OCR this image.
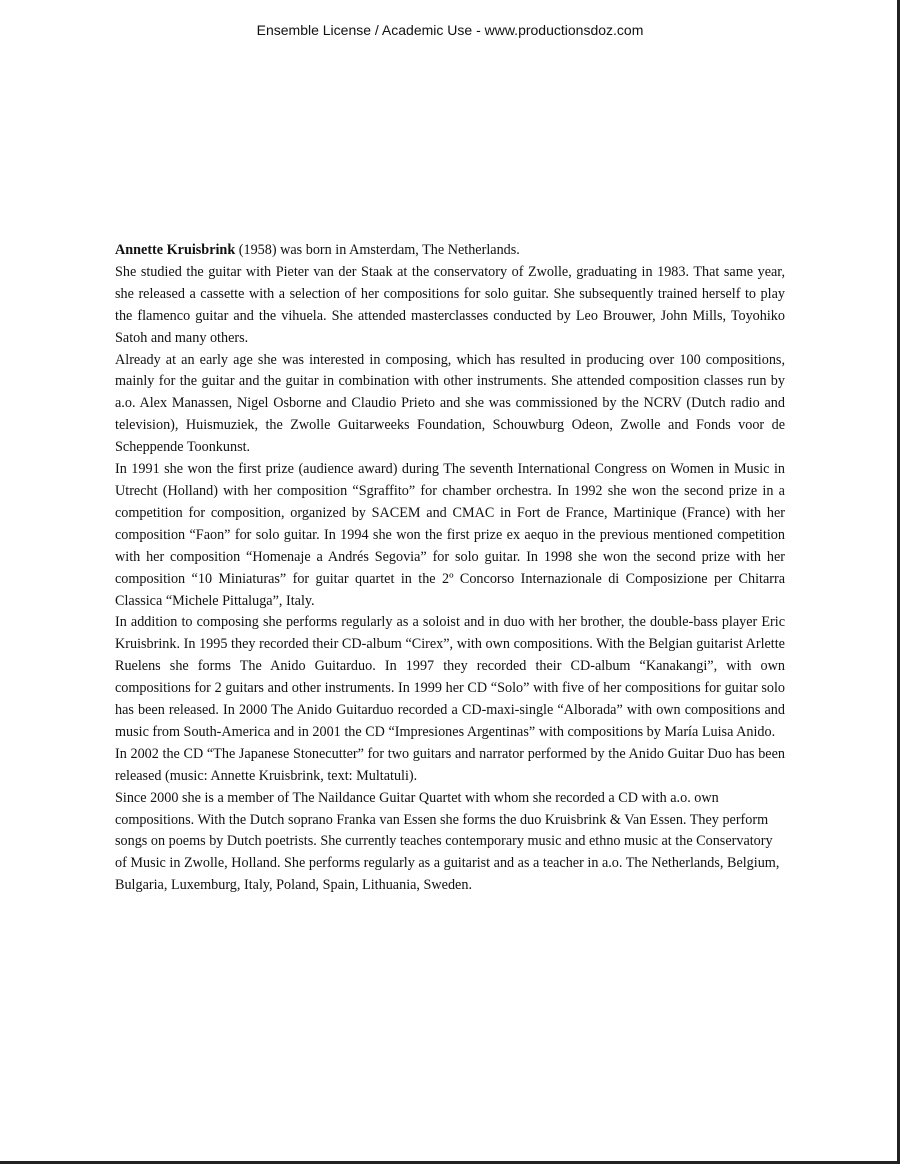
Ensemble License / Academic Use - www.productionsdoz.com

Annette Kruisbrink (1958) was born in Amsterdam, The Netherlands.

She studied the guitar with Pieter van der Staak at the conservatory of Zwolle, graduating in 1983. That same year, she released a cassette with a selection of her compositions for solo guitar. She subsequently trained herself to play the flamenco guitar and the vihuela. She attended masterclasses conducted by Leo Brouwer, John Mills, Toyohiko Satoh and many others.

Already at an early age she was interested in composing, which has resulted in producing over 100 compositions, mainly for the guitar and the guitar in combination with other instruments. She attended composition classes run by a.o. Alex Manassen, Nigel Osborne and Claudio Prieto and she was commissioned by the NCRV (Dutch radio and television), Huismuziek, the Zwolle Guitarweeks Foundation, Schouwburg Odeon, Zwolle and Fonds voor de Scheppende Toonkunst.

In 1991 she won the first prize (audience award) during The seventh International Congress on Women in Music in Utrecht (Holland) with her composition “Sgraffito” for chamber orchestra. In 1992 she won the second prize in a competition for composition, organized by SACEM and CMAC in Fort de France, Martinique (France) with her composition “Faon” for solo guitar. In 1994 she won the first prize ex aequo in the previous mentioned competition with her composition “Homenaje a Andrés Segovia” for solo guitar. In 1998 she won the second prize with her composition “10 Miniaturas” for guitar quartet in the 2º Concorso Internazionale di Composizione per Chitarra Classica “Michele Pittaluga”, Italy.

In addition to composing she performs regularly as a soloist and in duo with her brother, the double-bass player Eric Kruisbrink. In 1995 they recorded their CD-album “Cirex”, with own compositions. With the Belgian guitarist Arlette Ruelens she forms The Anido Guitarduo. In 1997 they recorded their CD-album “Kanakangi”, with own compositions for 2 guitars and other instruments. In 1999 her CD “Solo” with five of her compositions for guitar solo has been released. In 2000 The Anido Guitarduo recorded a CD-maxi-single “Alborada” with own compositions and music from South-America and in 2001 the CD “Impresiones Argentinas” with compositions by María Luisa Anido.

In 2002 the CD “The Japanese Stonecutter” for two guitars and narrator performed by the Anido Guitar Duo has been released (music: Annette Kruisbrink, text: Multatuli).

Since 2000 she is a member of The Naildance Guitar Quartet with whom she recorded a CD with a.o. own compositions. With the Dutch soprano Franka van Essen she forms the duo Kruisbrink & Van Essen. They perform songs on poems by Dutch poetrists. She currently teaches contemporary music and ethno music at the Conservatory of Music in Zwolle, Holland. She performs regularly as a guitarist and as a teacher in a.o. The Netherlands, Belgium, Bulgaria, Luxemburg, Italy, Poland, Spain, Lithuania, Sweden.
